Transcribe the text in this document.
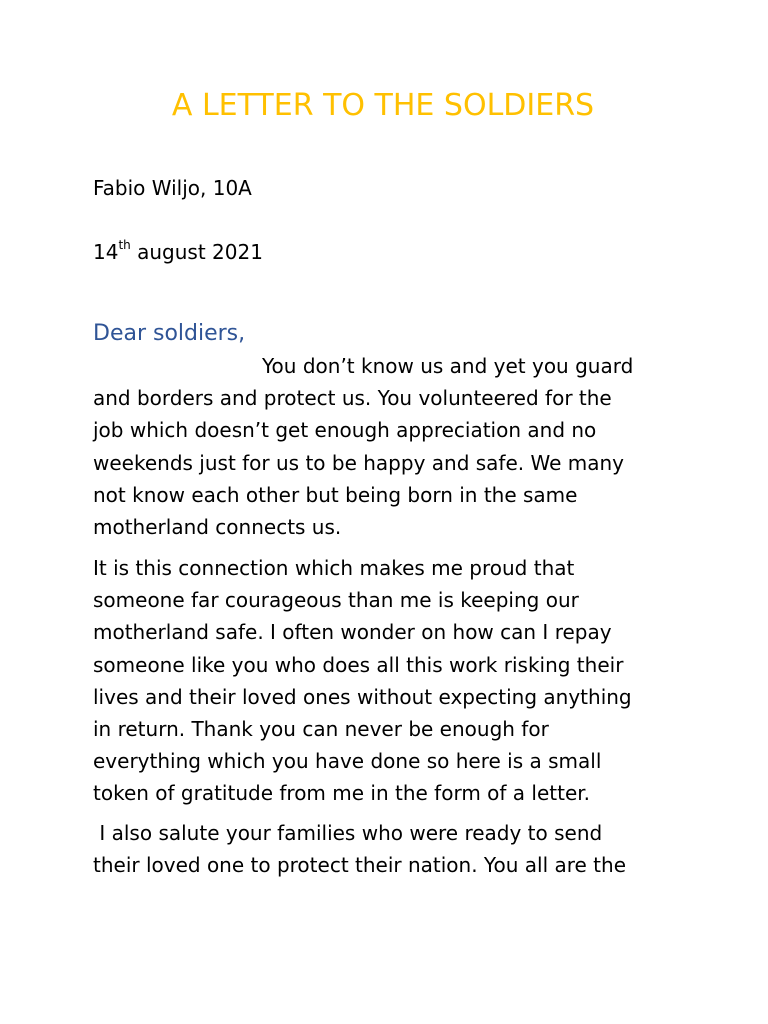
A LETTER TO THE SOLDIERS
Fabio Wiljo, 10A
14th august 2021
Dear soldiers,

You don’t know us and yet you guard
and borders and protect us. You volunteered for the
job which doesn’t get enough appreciation and no
weekends just for us to be happy and safe. We many
not know each other but being born in the same
motherland connects us.

It is this connection which makes me proud that
someone far courageous than me is keeping our
motherland safe. I often wonder on how can I repay
someone like you who does all this work risking their
lives and their loved ones without expecting anything
in return. Thank you can never be enough for
everything which you have done so here is a small
token of gratitude from me in the form of a letter.

I also salute your families who were ready to send
their loved one to protect their nation. You all are the
